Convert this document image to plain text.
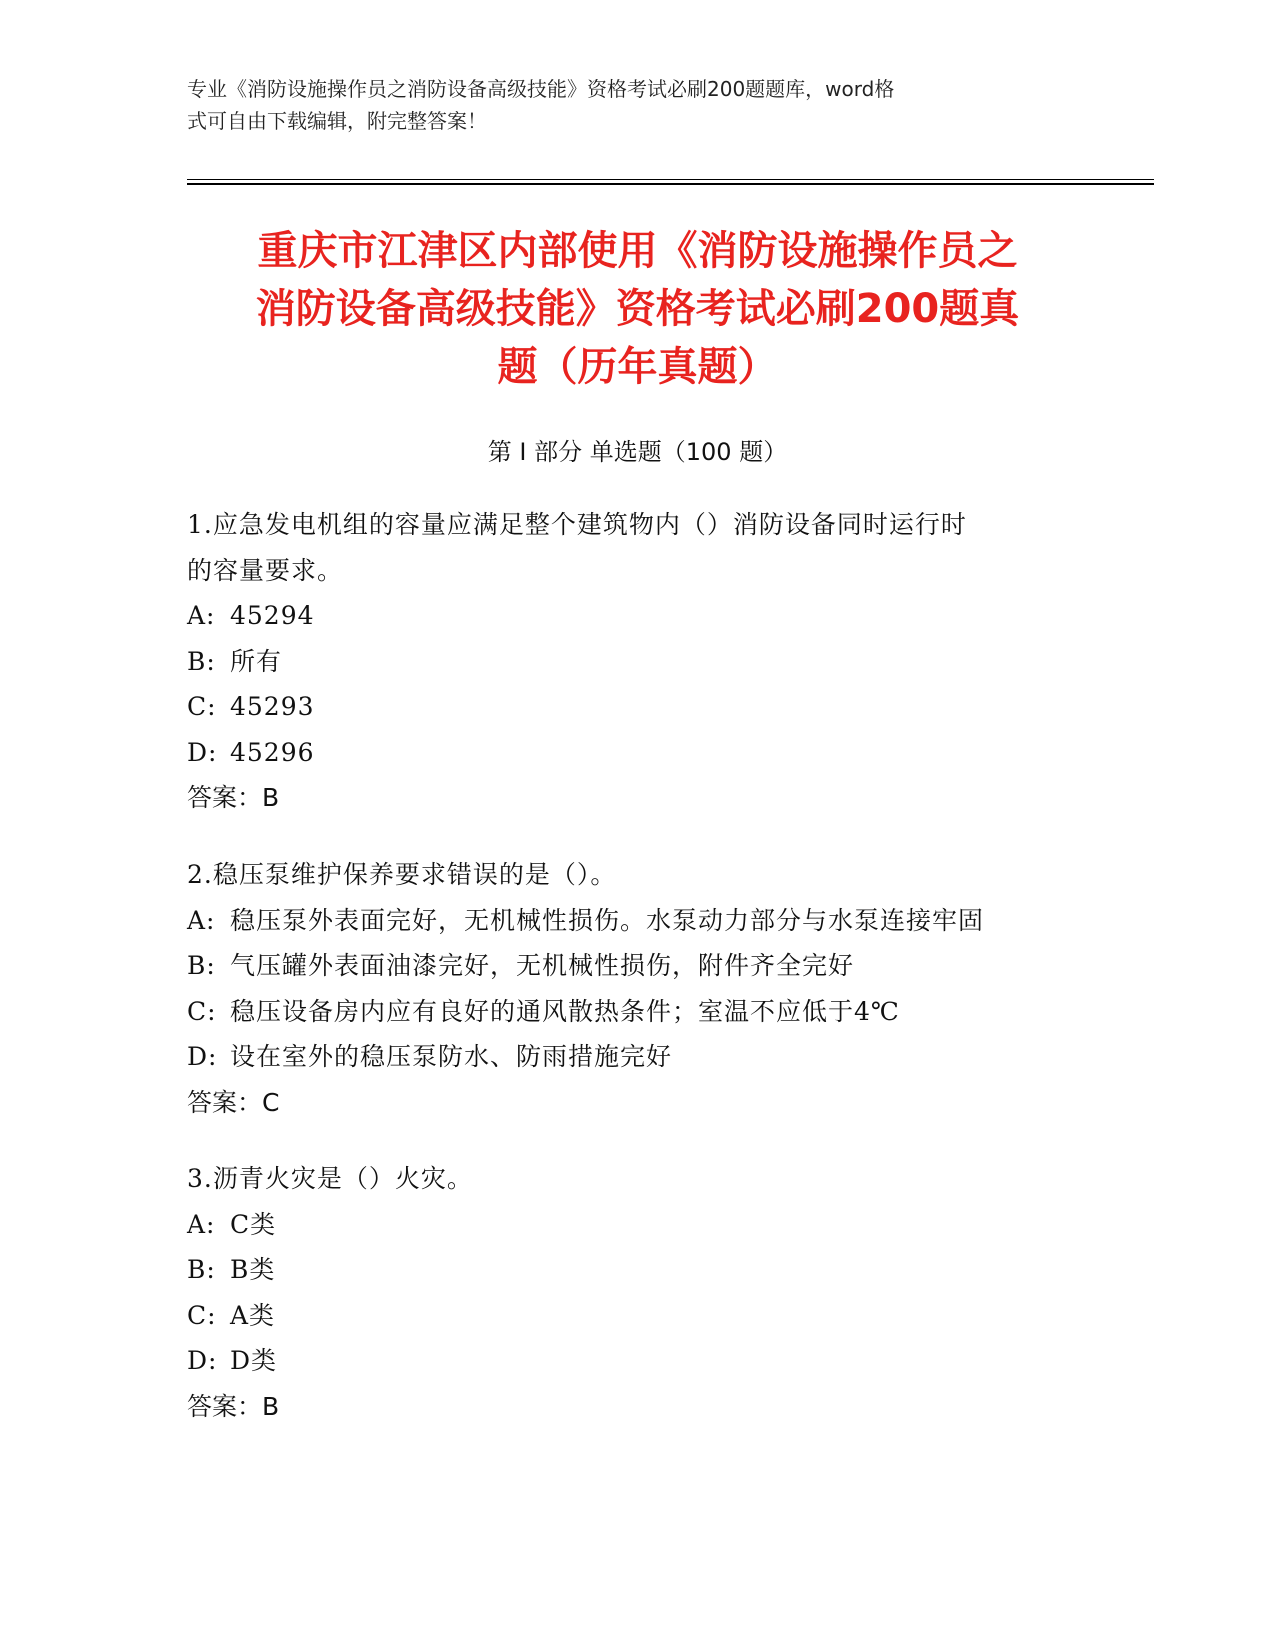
专业《消防设施操作员之消防设备高级技能》资格考试必刷200题题库，word格
式可自由下载编辑，附完整答案！
重庆市江津区内部使用《消防设施操作员之
消防设备高级技能》资格考试必刷200题真
题（历年真题）
第 I 部分 单选题（100 题）
1.应急发电机组的容量应满足整个建筑物内（）消防设备同时运行时
的容量要求。
A: 45294
B: 所有
C: 45293
D: 45296
答案：B
2.稳压泵维护保养要求错误的是（）。
A: 稳压泵外表面完好，无机械性损伤。水泵动力部分与水泵连接牢固
B: 气压罐外表面油漆完好，无机械性损伤，附件齐全完好
C: 稳压设备房内应有良好的通风散热条件；室温不应低于4℃
D: 设在室外的稳压泵防水、防雨措施完好
答案：C
3.沥青火灾是（）火灾。
A: C类
B: B类
C: A类
D: D类
答案：B
